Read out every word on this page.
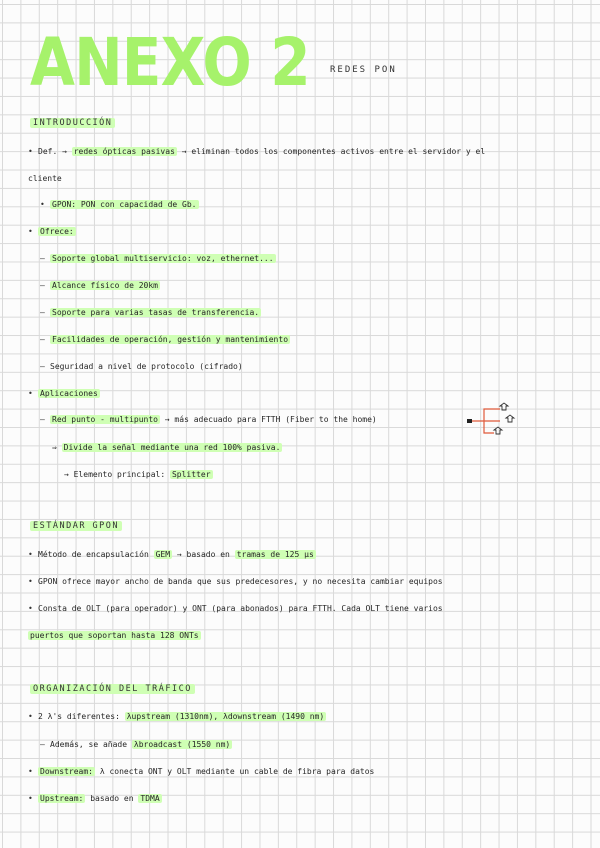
ANEXO 2 REDES PON
INTRODUCCIÓN
• Def. → redes ópticas pasivas → eliminan todos los componentes activos entre el servidor y el
cliente
• GPON: PON con capacidad de Gb.
• Ofrece:
– Soporte global multiservicio: voz, ethernet...
– Alcance físico de 20km
– Soporte para varias tasas de transferencia.
– Facilidades de operación, gestión y mantenimiento
– Seguridad a nivel de protocolo (cifrado)
• Aplicaciones
– Red punto - multipunto → más adecuado para FTTH (Fiber to the home)
⇒ Divide la señal mediante una red 100% pasiva.
→ Elemento principal: Splitter
ESTÁNDAR GPON
• Método de encapsulación GEM → basado en tramas de 125 µs
• GPON ofrece mayor ancho de banda que sus predecesores, y no necesita cambiar equipos
• Consta de OLT (para operador) y ONT (para abonados) para FTTH. Cada OLT tiene varios
puertos que soportan hasta 128 ONTs
ORGANIZACIÓN DEL TRÁFICO
• 2 λ's diferentes: λupstream (1310nm), λdownstream (1490 nm)
– Además, se añade λbroadcast (1550 nm)
• Downstream: λ conecta ONT y OLT mediante un cable de fibra para datos
• Upstream: basado en TDMA
